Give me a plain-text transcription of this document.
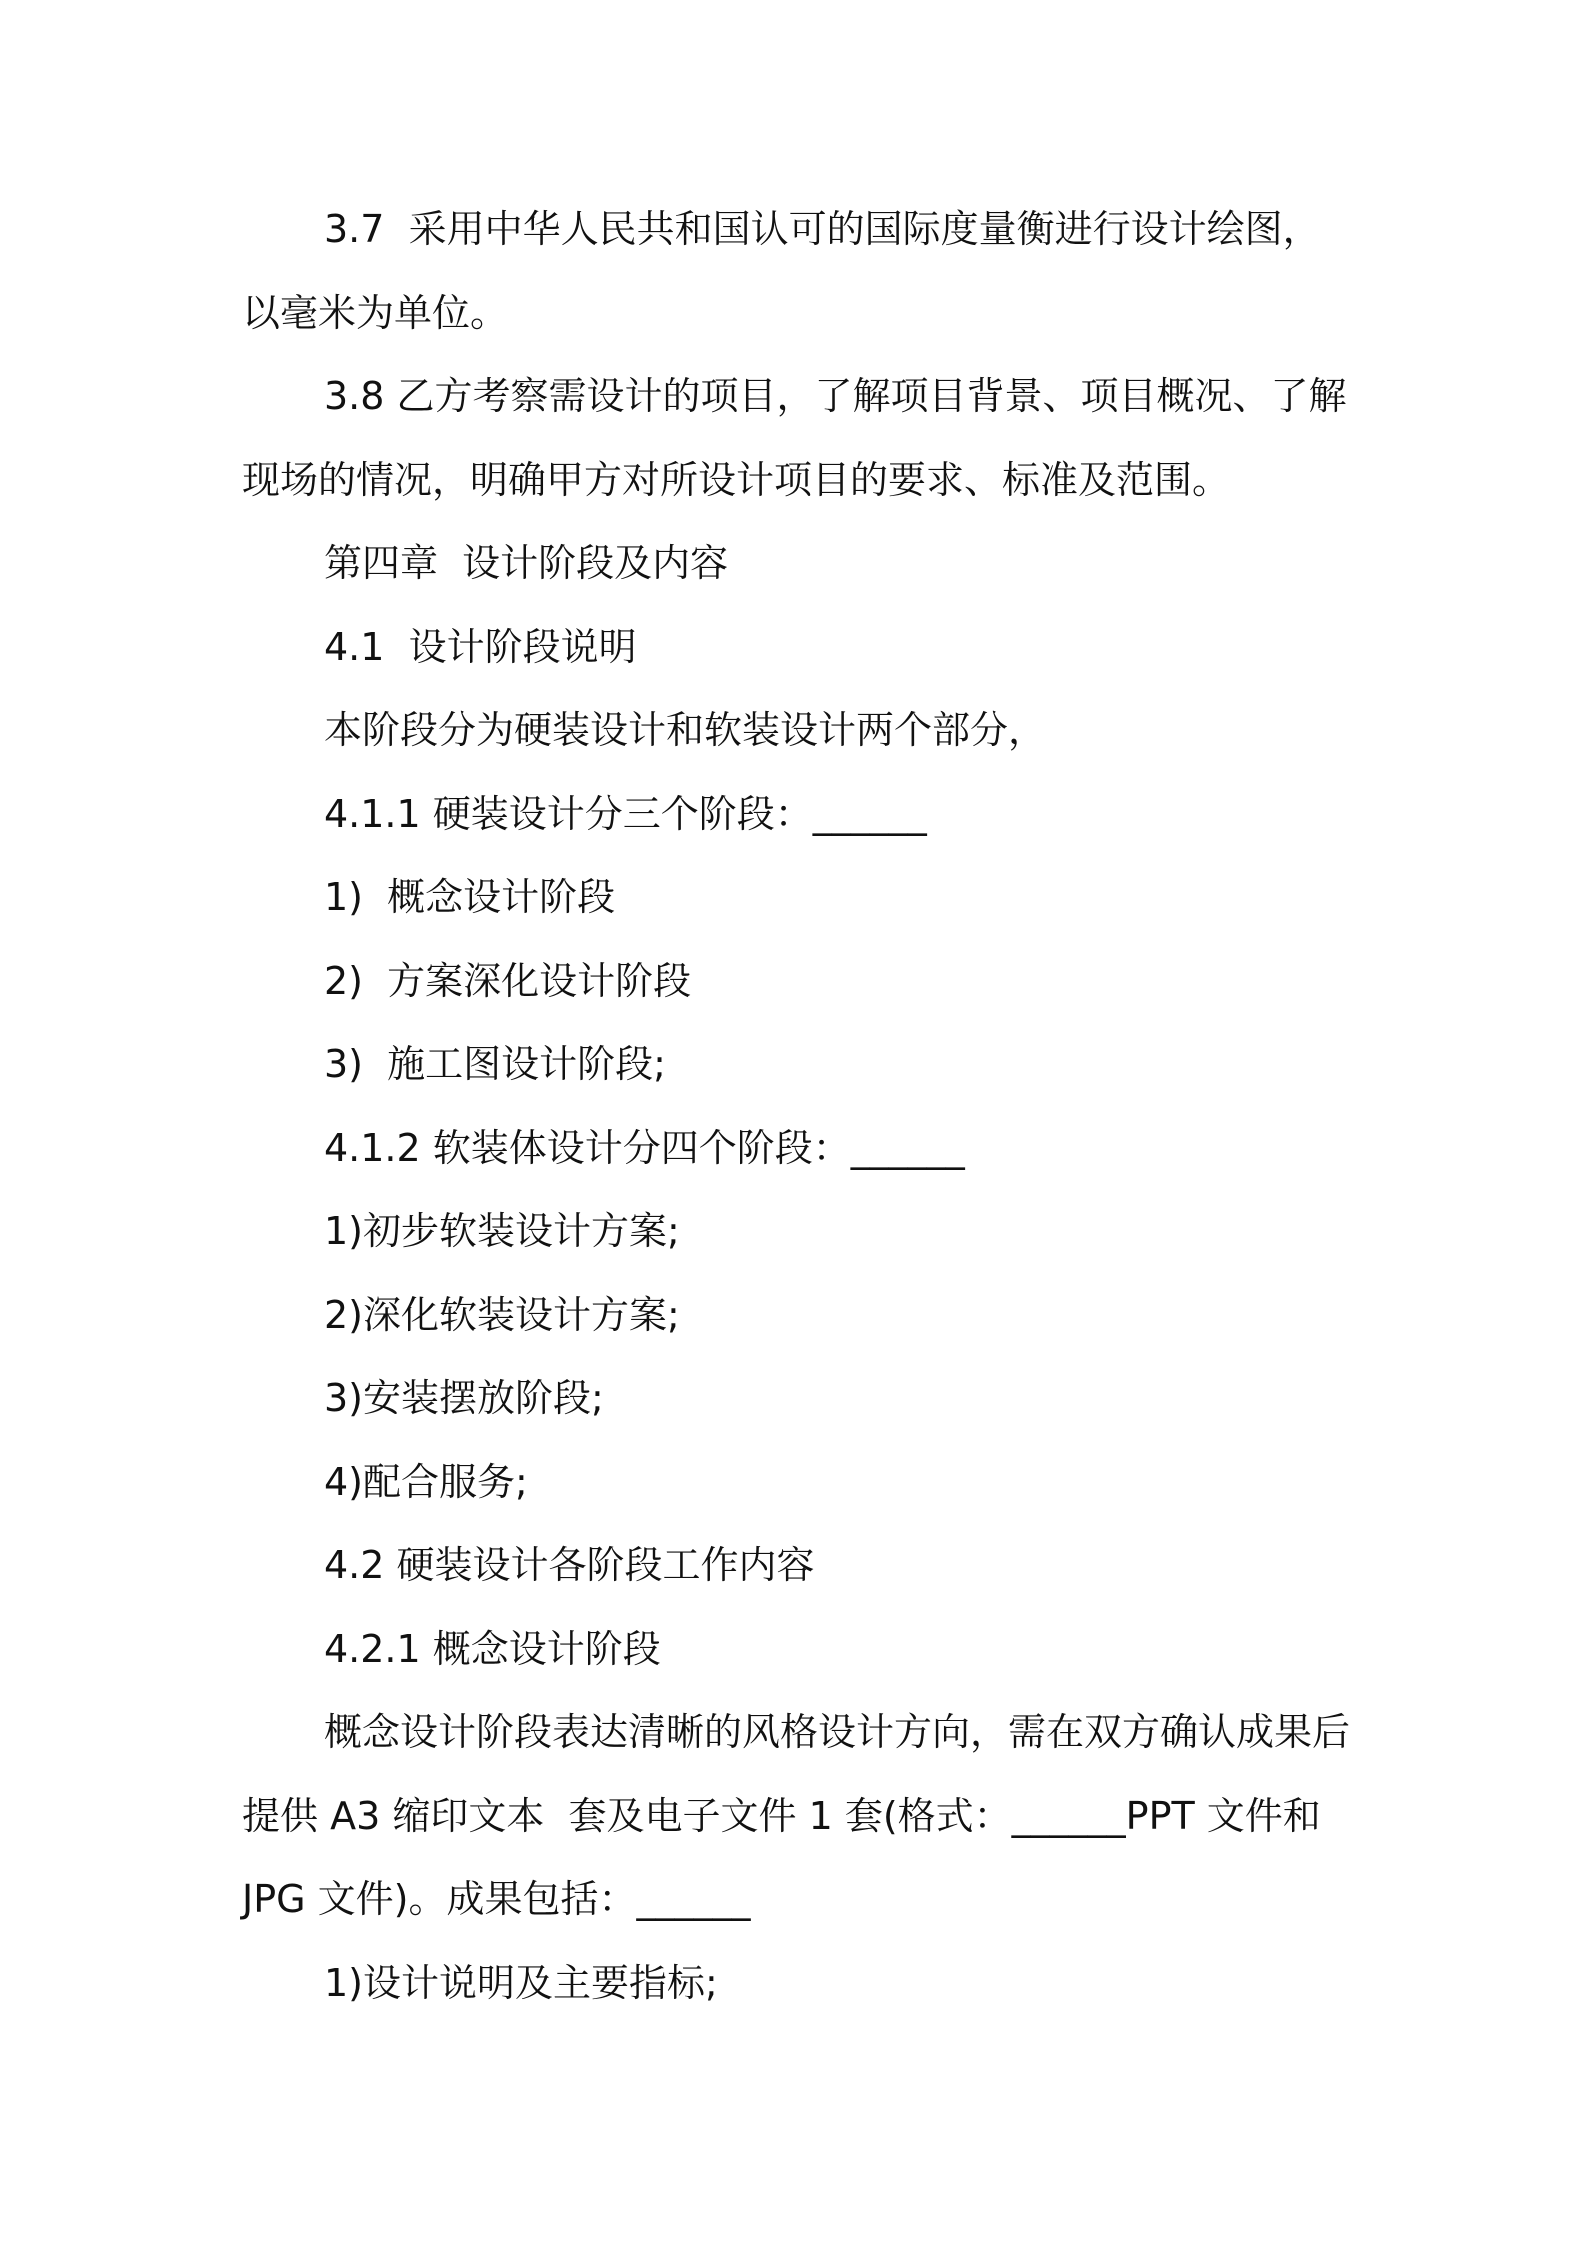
3.7  采用中华人民共和国认可的国际度量衡进行设计绘图，以毫米为单位。

3.8 乙方考察需设计的项目，了解项目背景、项目概况、了解现场的情况，明确甲方对所设计项目的要求、标准及范围。

第四章  设计阶段及内容

4.1  设计阶段说明

本阶段分为硬装设计和软装设计两个部分，

4.1.1 硬装设计分三个阶段：______

1)  概念设计阶段

2)  方案深化设计阶段

3)  施工图设计阶段;

4.1.2 软装体设计分四个阶段：______

1)初步软装设计方案;

2)深化软装设计方案;

3)安装摆放阶段;

4)配合服务;

4.2 硬装设计各阶段工作内容

4.2.1 概念设计阶段

概念设计阶段表达清晰的风格设计方向，需在双方确认成果后提供 A3 缩印文本  套及电子文件 1 套(格式：______PPT 文件和 JPG 文件)。成果包括：______

1)设计说明及主要指标;
